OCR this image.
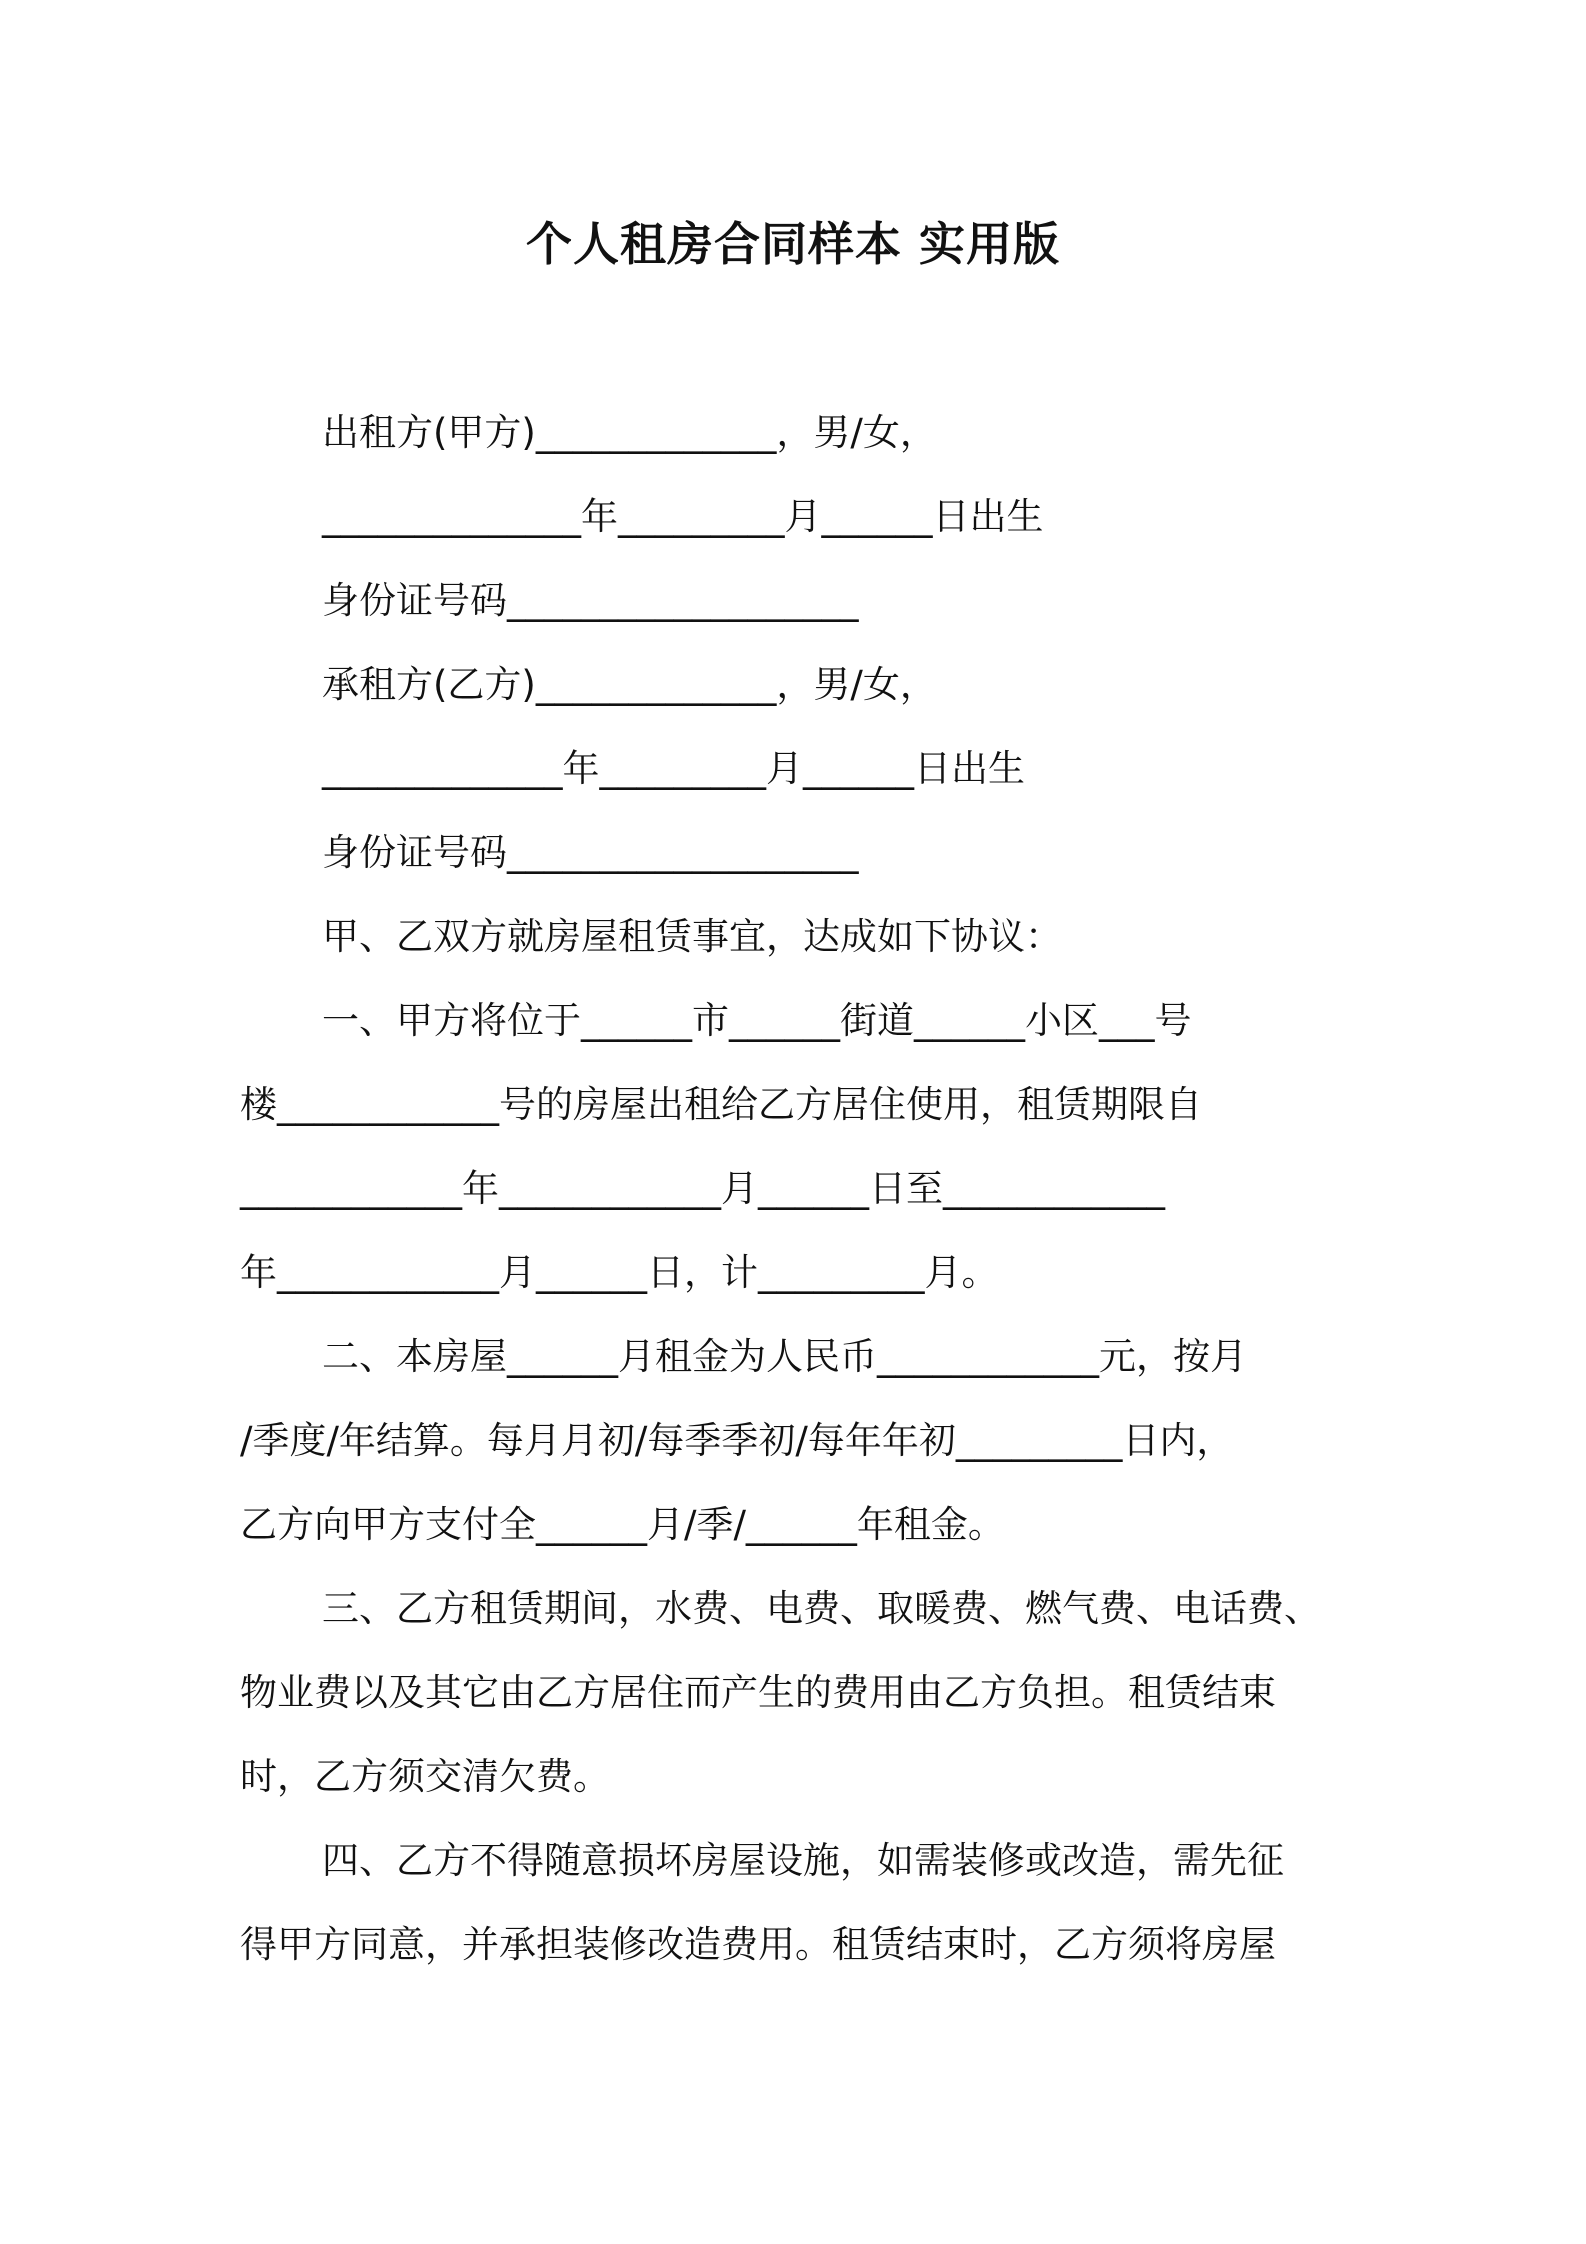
个人租房合同样本 实用版
出租方(甲方)_____________，男/女，
______________年_________月______日出生
身份证号码___________________
承租方(乙方)_____________，男/女，
_____________年_________月______日出生
身份证号码___________________
甲、乙双方就房屋租赁事宜，达成如下协议：
一、甲方将位于______市______街道______小区___号
楼____________号的房屋出租给乙方居住使用，租赁期限自
____________年____________月______日至____________
年____________月______日，计_________月。
二、本房屋______月租金为人民币____________元，按月
/季度/年结算。每月月初/每季季初/每年年初_________日内，
乙方向甲方支付全______月/季/______年租金。
三、乙方租赁期间，水费、电费、取暖费、燃气费、电话费、
物业费以及其它由乙方居住而产生的费用由乙方负担。租赁结束
时，乙方须交清欠费。
四、乙方不得随意损坏房屋设施，如需装修或改造，需先征
得甲方同意，并承担装修改造费用。租赁结束时，乙方须将房屋
